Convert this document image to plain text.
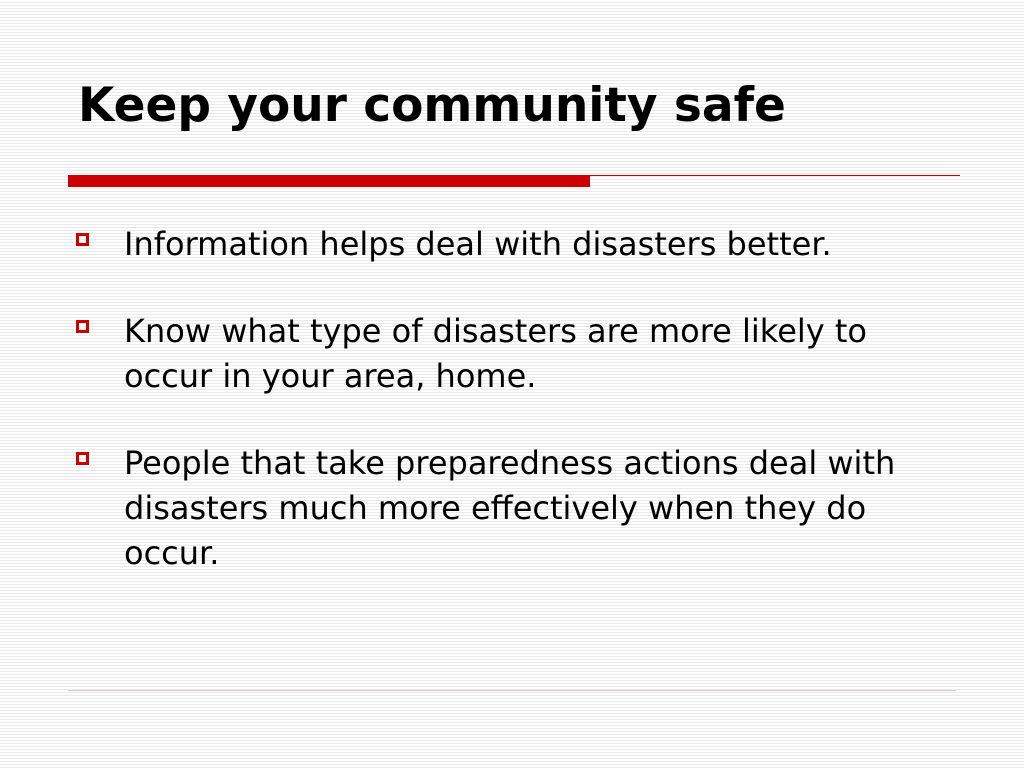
Keep your community safe
Information helps deal with disasters better.
Know what type of disasters are more likely to occur in your area, home.
People that take preparedness actions deal with disasters much more effectively when they do occur.
